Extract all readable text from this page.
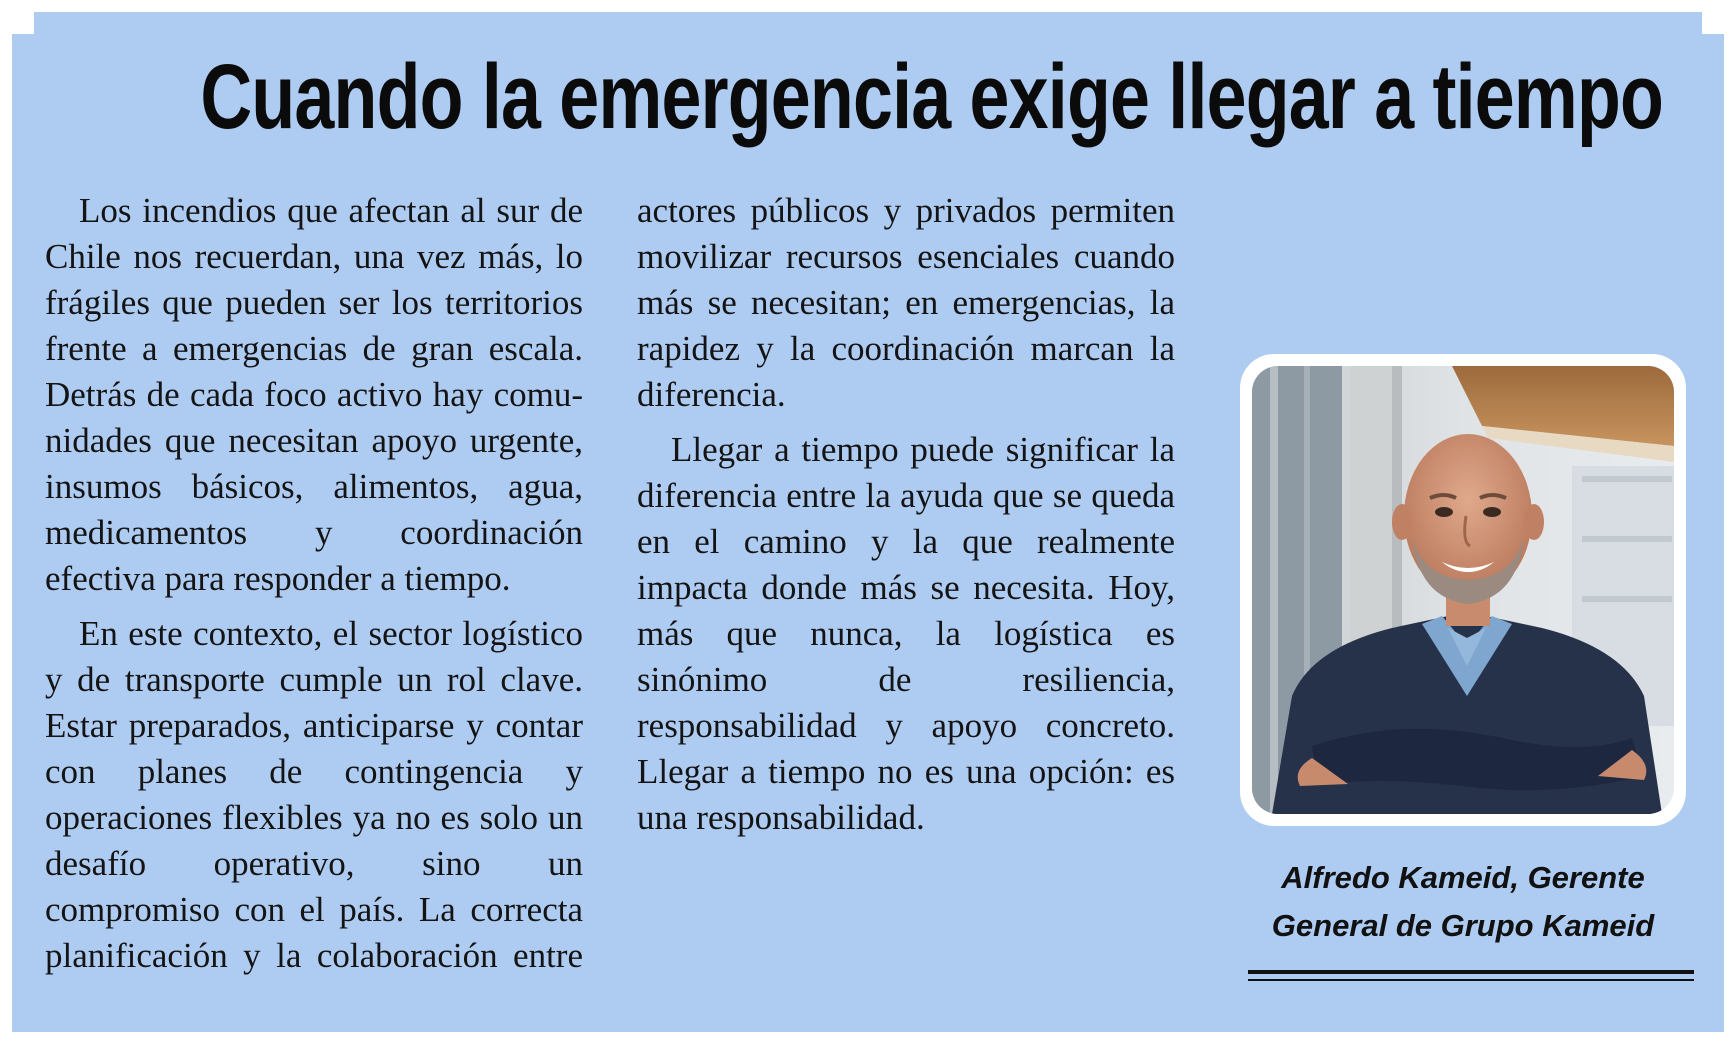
Cuando la emergencia exige llegar a tiempo

Los incendios que afectan al sur de Chile nos recuerdan, una vez más, lo frágiles que pueden ser los territorios frente a emergencias de gran escala. Detrás de cada foco activo hay comunidades que necesitan apoyo urgente, insumos básicos, alimentos, agua, medicamentos y coordinación efectiva para responder a tiempo.

En este contexto, el sector logístico y de transporte cumple un rol clave. Estar preparados, anticiparse y contar con planes de contingencia y operaciones flexibles ya no es solo un desafío operativo, sino un compromiso con el país. La correcta planificación y la colaboración entre actores públicos y privados permiten movilizar recursos esenciales cuando más se necesitan; en emergencias, la rapidez y la coordinación marcan la diferencia.

Llegar a tiempo puede significar la diferencia entre la ayuda que se queda en el camino y la que realmente impacta donde más se necesita. Hoy, más que nunca, la logística es sinónimo de resiliencia, responsabilidad y apoyo concreto. Llegar a tiempo no es una opción: es una responsabilidad.

Alfredo Kameid, Gerente General de Grupo Kameid
